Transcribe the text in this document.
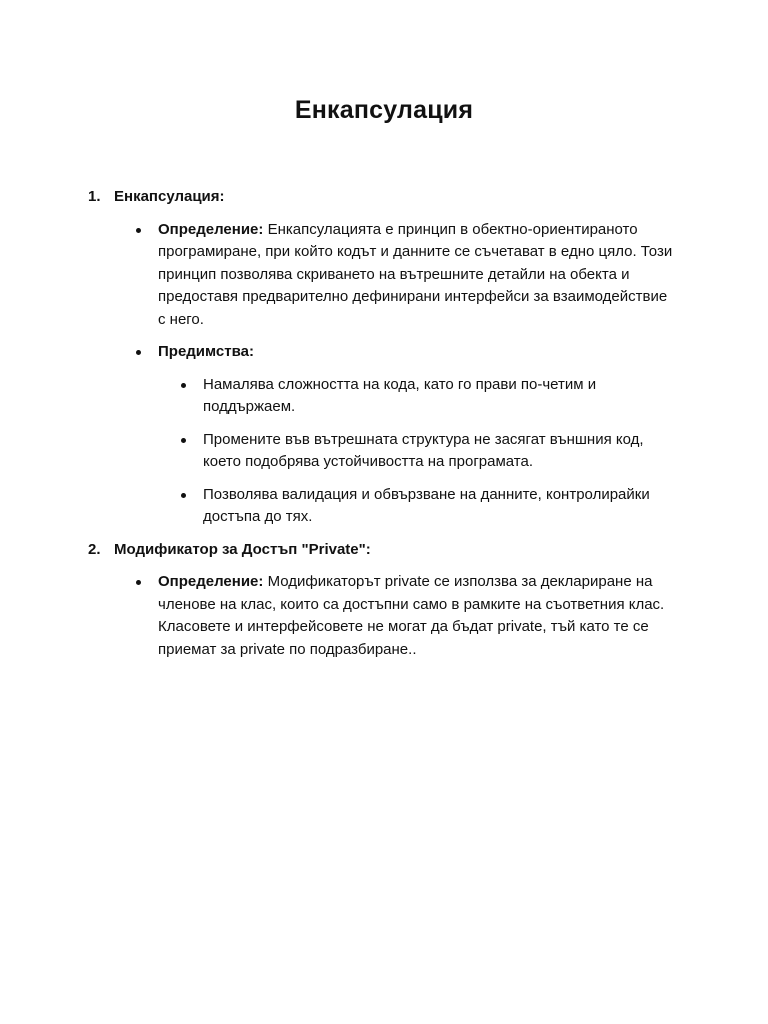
Енкапсулация
1. Енкапсулация:
Определение: Енкапсулацията е принцип в обектно-ориентираното програмиране, при който кодът и данните се съчетават в едно цяло. Този принцип позволява скриването на вътрешните детайли на обекта и предоставя предварително дефинирани интерфейси за взаимодействие с него.
Предимства:
Намалява сложността на кода, като го прави по-четим и поддържаем.
Промените във вътрешната структура не засягат външния код, което подобрява устойчивостта на програмата.
Позволява валидация и обвързване на данните, контролирайки достъпа до тях.
2. Модификатор за Достъп "Private":
Определение: Модификаторът private се използва за деклариране на членове на клас, които са достъпни само в рамките на съответния клас. Класовете и интерфейсовете не могат да бъдат private, тъй като те се приемат за private по подразбиране..
